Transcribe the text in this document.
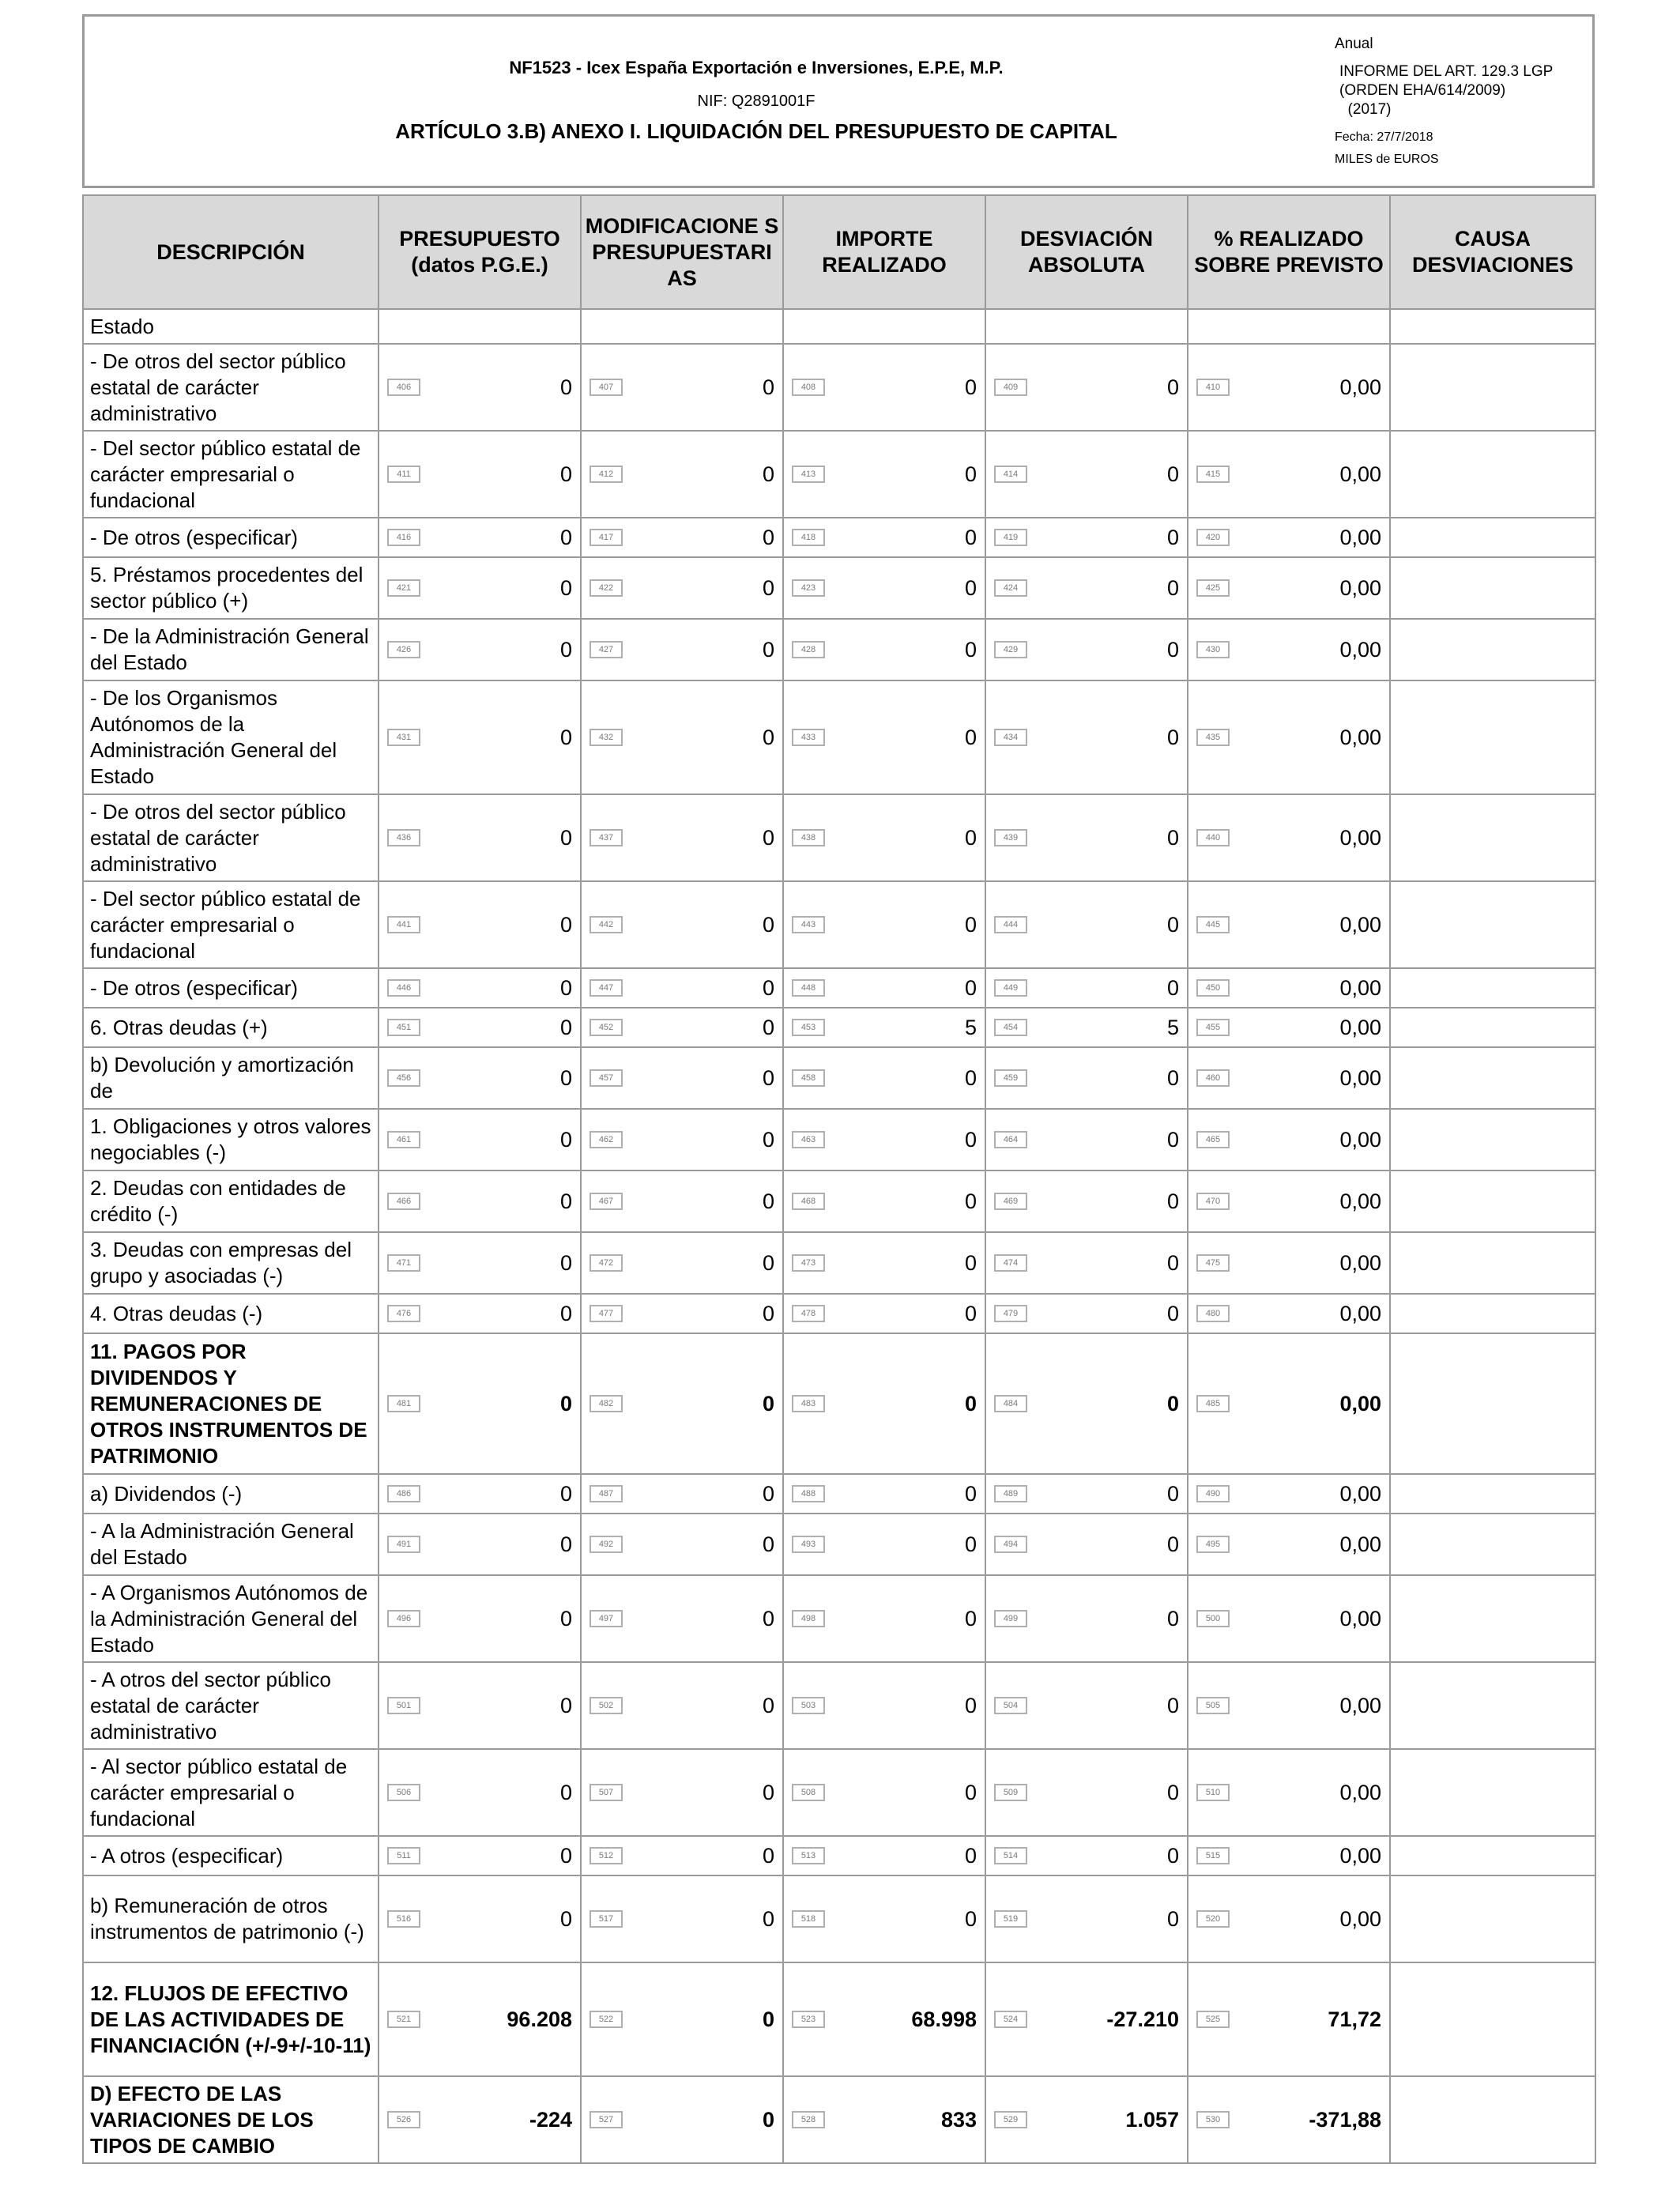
NF1523 - Icex España Exportación e Inversiones, E.P.E, M.P.
NIF: Q2891001F
ARTÍCULO 3.B) ANEXO I. LIQUIDACIÓN DEL PRESUPUESTO DE CAPITAL
Anual
INFORME DEL ART. 129.3 LGP
(ORDEN EHA/614/2009)
(2017)
Fecha: 27/7/2018
MILES de EUROS
DESCRIPCIÓN	PRESUPUESTO (datos P.G.E.)	MODIFICACIONE S PRESUPUESTARI AS	IMPORTE REALIZADO	DESVIACIÓN ABSOLUTA	% REALIZADO SOBRE PREVISTO	CAUSA DESVIACIONES
Estado						
- De otros del sector público estatal de carácter administrativo	406 0	407 0	408 0	409 0	410 0,00	

- Del sector público estatal de carácter empresarial o fundacional	411 0	412 0	413 0	414 0	415 0,00	

- De otros (especificar)	416 0	417 0	418 0	419 0	420 0,00	

5. Préstamos procedentes del sector público (+)	421 0	422 0	423 0	424 0	425 0,00	

- De la Administración General del Estado	426 0	427 0	428 0	429 0	430 0,00	

- De los Organismos Autónomos de la Administración General del Estado	431 0	432 0	433 0	434 0	435 0,00	

- De otros del sector público estatal de carácter administrativo	436 0	437 0	438 0	439 0	440 0,00	

- Del sector público estatal de carácter empresarial o fundacional	441 0	442 0	443 0	444 0	445 0,00	

- De otros (especificar)	446 0	447 0	448 0	449 0	450 0,00	

6. Otras deudas (+)	451 0	452 0	453 5	454 5	455 0,00	

b) Devolución y amortización de	456 0	457 0	458 0	459 0	460 0,00	

1. Obligaciones y otros valores negociables (-)	461 0	462 0	463 0	464 0	465 0,00	

2. Deudas con entidades de crédito (-)	466 0	467 0	468 0	469 0	470 0,00	

3. Deudas con empresas del grupo y asociadas (-)	471 0	472 0	473 0	474 0	475 0,00	

4. Otras deudas (-)	476 0	477 0	478 0	479 0	480 0,00	

11. PAGOS POR DIVIDENDOS Y REMUNERACIONES DE OTROS INSTRUMENTOS DE PATRIMONIO	481 0	482 0	483 0	484 0	485 0,00	

a) Dividendos (-)	486 0	487 0	488 0	489 0	490 0,00	

- A la Administración General del Estado	491 0	492 0	493 0	494 0	495 0,00	

- A Organismos Autónomos de la Administración General del Estado	496 0	497 0	498 0	499 0	500 0,00	

- A otros del sector público estatal de carácter administrativo	501 0	502 0	503 0	504 0	505 0,00	

- Al sector público estatal de carácter empresarial o fundacional	506 0	507 0	508 0	509 0	510 0,00	

- A otros (especificar)	511 0	512 0	513 0	514 0	515 0,00	

b) Remuneración de otros instrumentos de patrimonio (-)	516 0	517 0	518 0	519 0	520 0,00	

12. FLUJOS DE EFECTIVO DE LAS ACTIVIDADES DE FINANCIACIÓN (+/-9+/-10-11)	521 96.208	522 0	523 68.998	524 -27.210	525 71,72	

D) EFECTO DE LAS VARIACIONES DE LOS TIPOS DE CAMBIO	526 -224	527 0	528 833	529 1.057	530 -371,88	
